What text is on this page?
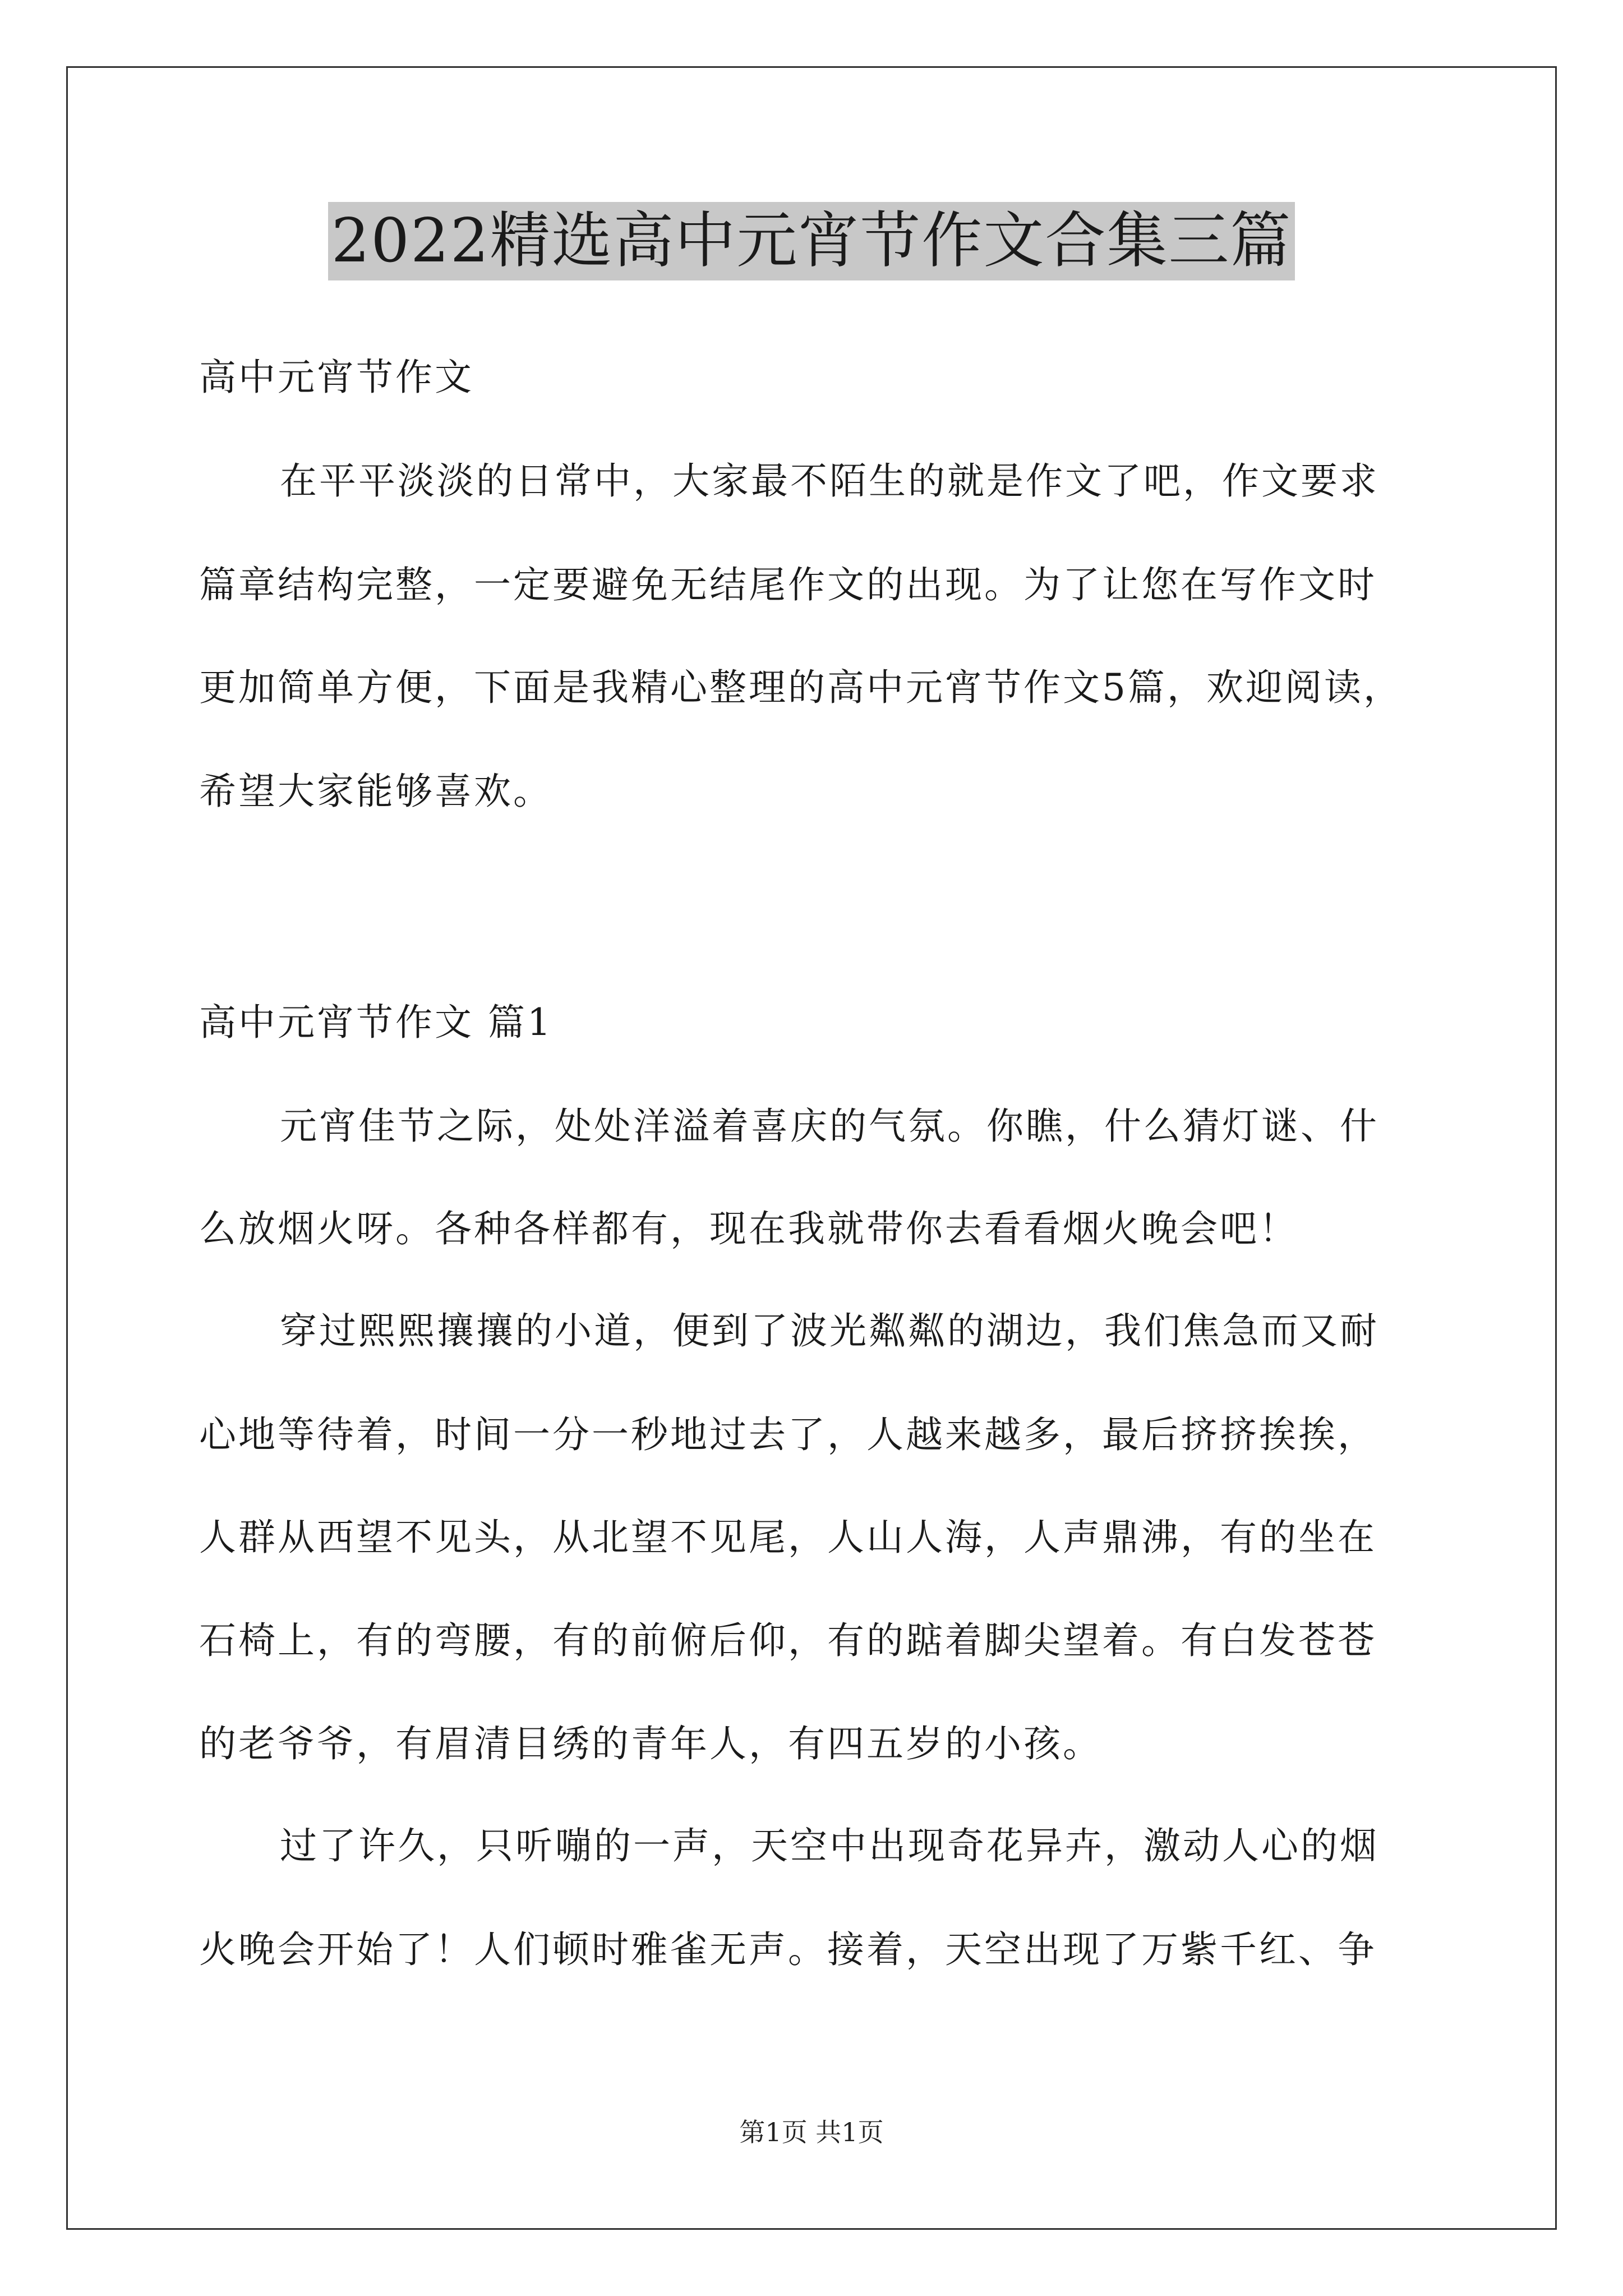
2022精选高中元宵节作文合集三篇

高中元宵节作文

在平平淡淡的日常中，大家最不陌生的就是作文了吧，作文要求

篇章结构完整，一定要避免无结尾作文的出现。为了让您在写作文时

更加简单方便，下面是我精心整理的高中元宵节作文5篇，欢迎阅读，

希望大家能够喜欢。

高中元宵节作文 篇1

元宵佳节之际，处处洋溢着喜庆的气氛。你瞧，什么猜灯谜、什

么放烟火呀。各种各样都有，现在我就带你去看看烟火晚会吧！

穿过熙熙攘攘的小道，便到了波光粼粼的湖边，我们焦急而又耐

心地等待着，时间一分一秒地过去了，人越来越多，最后挤挤挨挨，

人群从西望不见头，从北望不见尾，人山人海，人声鼎沸，有的坐在

石椅上，有的弯腰，有的前俯后仰，有的踮着脚尖望着。有白发苍苍

的老爷爷，有眉清目绣的青年人，有四五岁的小孩。

过了许久，只听嘣的一声，天空中出现奇花异卉，激动人心的烟

火晚会开始了！人们顿时雅雀无声。接着，天空出现了万紫千红、争

第1页 共1页
